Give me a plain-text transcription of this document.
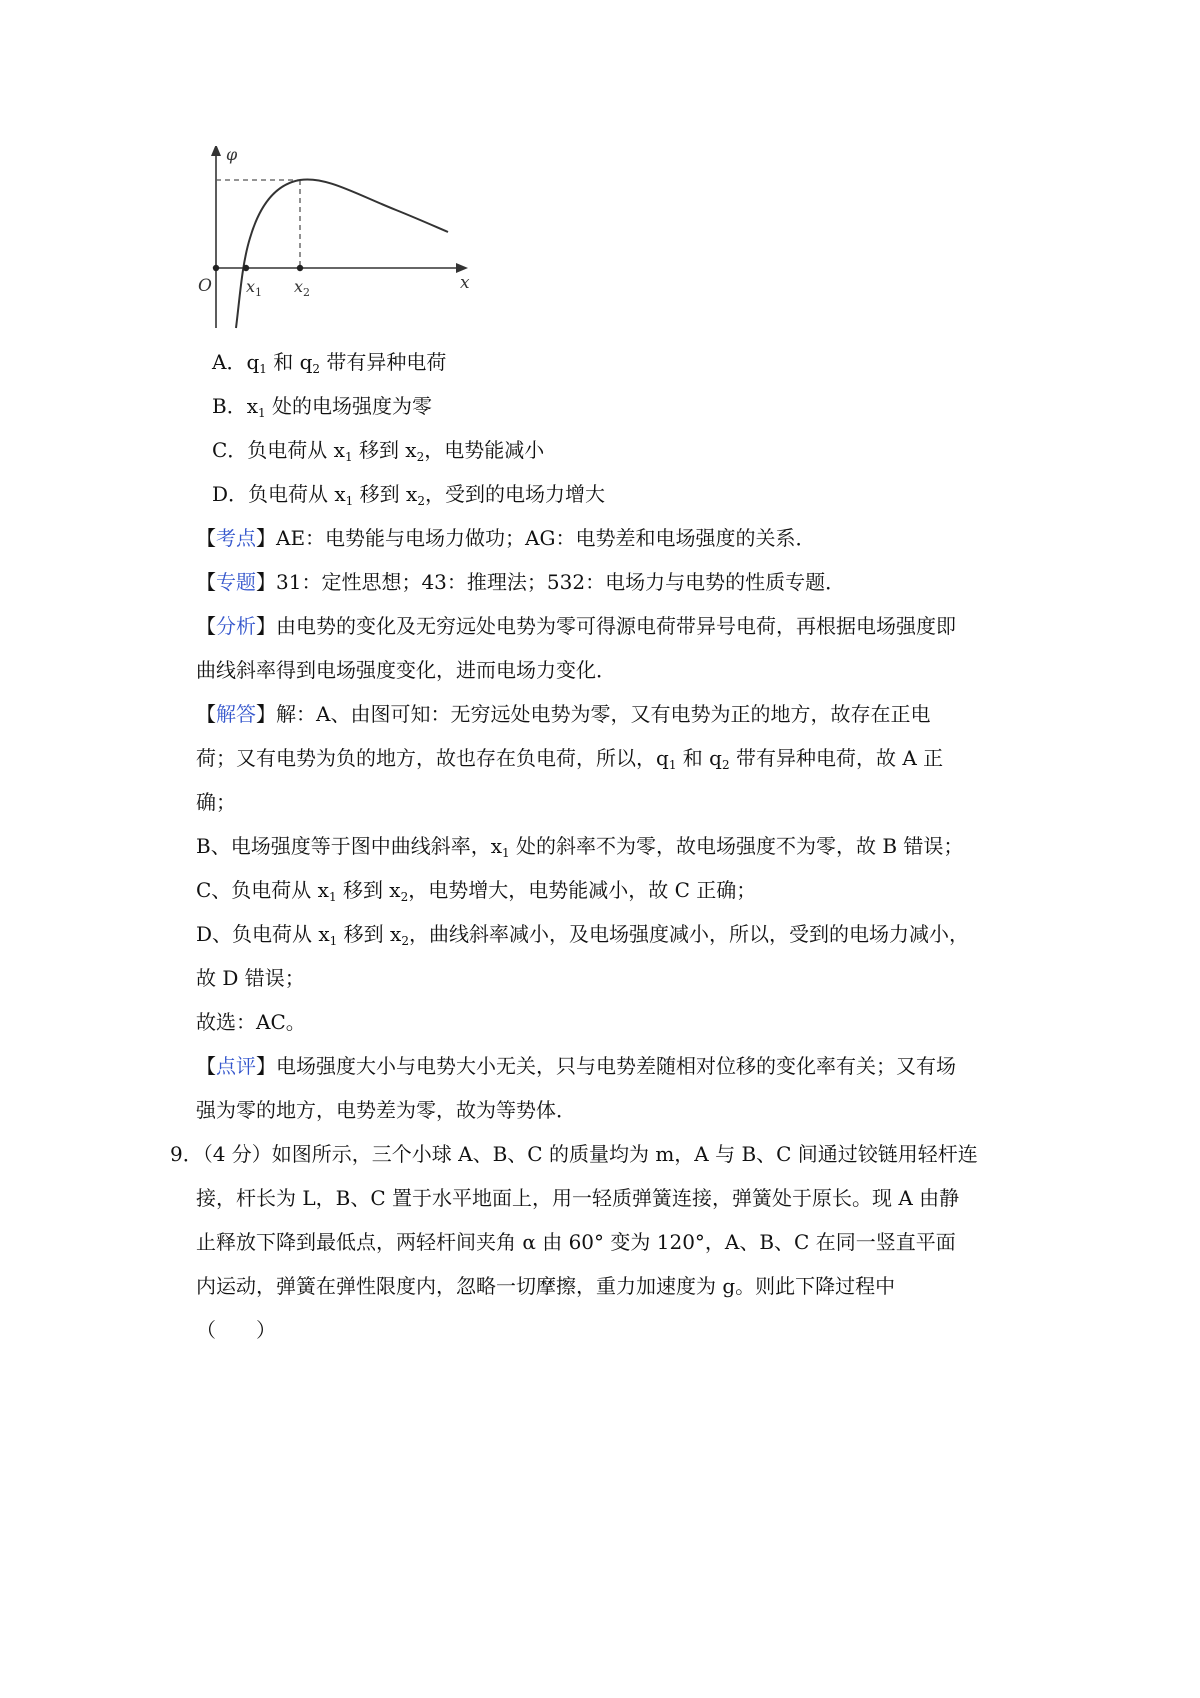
φ
x
O $x_1$ $x_2$
A．$q_1$ 和 $q_2$ 带有异种电荷
B．$x_1$ 处的电场强度为零
C．负电荷从 $x_1$ 移到 $x_2$，电势能减小
D．负电荷从 $x_1$ 移到 $x_2$，受到的电场力增大
【考点】AE：电势能与电场力做功；AG：电势差和电场强度的关系．
【专题】31：定性思想；43：推理法；532：电场力与电势的性质专题．
【分析】由电势的变化及无穷远处电势为零可得源电荷带异号电荷，再根据电场强度即
曲线斜率得到电场强度变化，进而电场力变化．
【解答】解：A、由图可知：无穷远处电势为零，又有电势为正的地方，故存在正电
荷；又有电势为负的地方，故也存在负电荷，所以，$q_1$ 和 $q_2$ 带有异种电荷，故 A 正
确；
B、电场强度等于图中曲线斜率，$x_1$ 处的斜率不为零，故电场强度不为零，故 B 错误；
C、负电荷从 $x_1$ 移到 $x_2$，电势增大，电势能减小，故 C 正确；
D、负电荷从 $x_1$ 移到 $x_2$，曲线斜率减小，及电场强度减小，所以，受到的电场力减小，
故 D 错误；
故选：AC。
【点评】电场强度大小与电势大小无关，只与电势差随相对位移的变化率有关；又有场
强为零的地方，电势差为零，故为等势体．
9．（4 分）如图所示，三个小球 A、B、C 的质量均为 m，A 与 B、C 间通过铰链用轻杆连
接，杆长为 L，B、C 置于水平地面上，用一轻质弹簧连接，弹簧处于原长。现 A 由静
止释放下降到最低点，两轻杆间夹角 α 由 60° 变为 120°，A、B、C 在同一竖直平面
内运动，弹簧在弹性限度内，忽略一切摩擦，重力加速度为 g。则此下降过程中
（　　）
